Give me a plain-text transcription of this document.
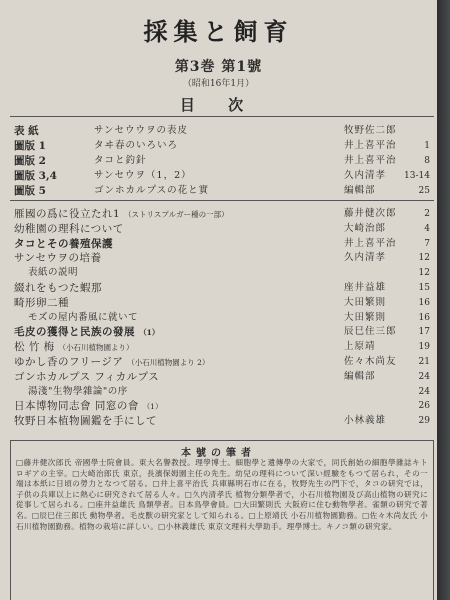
採集と飼育
第3巻 第1號
（昭和16年1月）
目 次
表 紙	サンセウウヲの表皮	牧野佐二郎
圖版 1	タヰ春のいろいろ	井上喜平治	1
圖版 2	タコと釣針	井上喜平治	8
圖版 3,4	サンセウヲ（1，2）	久内清孝 13-14
圖版 5	ゴンホカルプスの花と實	編輯部	25
雁國の爲に役立たれ1 （ストリスプルガー種の一部）	藤井健次郎	2
幼稚園の理科について	大崎治郎	4
タコとその養殖保護	井上喜平治	7
サンセウヲの培養	久内清孝	12
表紙の説明	12
綴れをもつた蝦那	座井益雄	15
畸形卵二種	大田繁則	16
モズの屋内番風に就いて	大田繁則	16
毛皮の獲得と民族の發展 （1）	辰巳住三郎 17
松 竹 梅 （小石川植物園より）	上原靖	19
ゆかし香のフリージア （小石川植物園より 2）	佐々木尚友 21
ゴンホカルプス フィカルプス	編輯部	24
湯淺"生物學雜論"の序	24
日本博物同志會 同窓の會 （1）	26
牧野日本植物圖鑑を手にして	小林義雄	29
本號の筆者
□藤井健次郎氏 帝國學士院會員。東大名譽教授。理學博士。細胞學と遺傳學の大家で，同氏創始の細胞學雜誌キトロギアの主宰。□大崎治郎氏 東京，長濱保姆園主任の先生。幼兒の理科について深い經驗をもつて居られ，その一端は本紙に日頃の勞力となつて居る。□井上喜平治氏 兵庫縣明石市に在る，牧野先生の門下で，タコの研究では，子供の兵庫以上に熱心に研究されて居る人々。□久内清孝氏 植物分類學者で，小石川植物園及び高山植物の研究に從事して居られる。□座井益雄氏 鳥類學者。日本鳥學會員。□大田繁則氏 大阪府に住む動物學者。雀類の研究で著名。□辰巳住三郎氏 動物學者。毛皮獸の研究家として知られる。□上原靖氏 小石川植物園勤務。□佐々木尚友氏 小石川植物園勤務。植物の栽培に詳しい。□小林義雄氏 東京文理科大學助手。理學博士。キノコ類の研究家。
